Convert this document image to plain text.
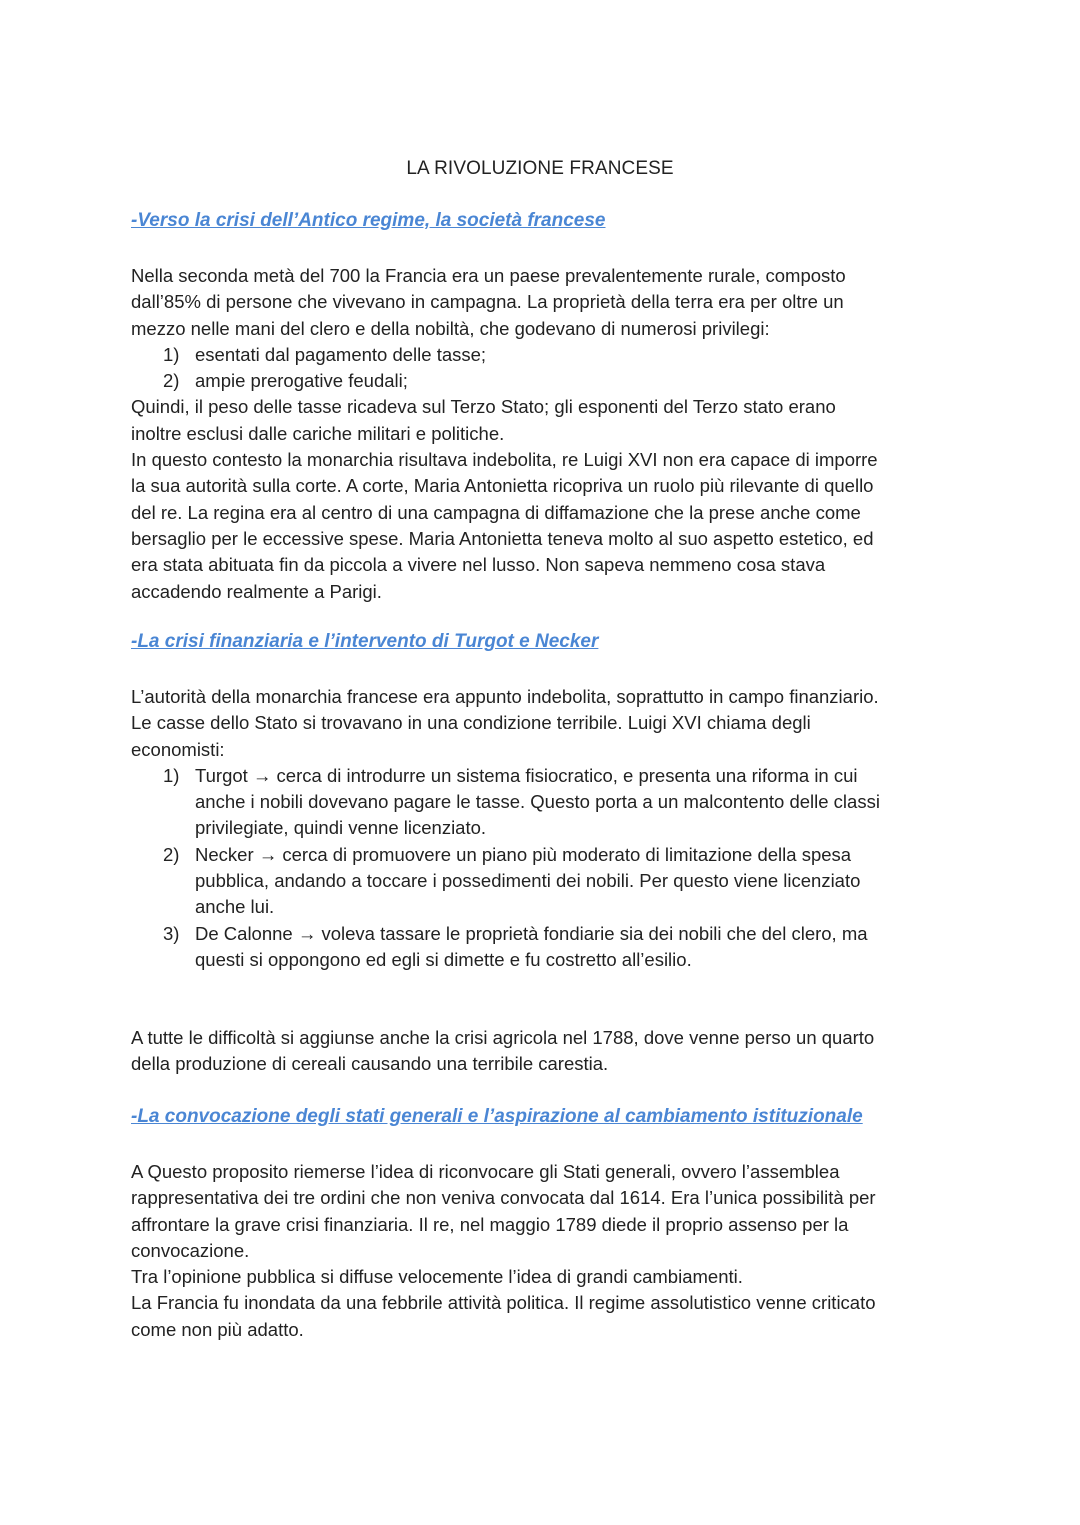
LA RIVOLUZIONE FRANCESE
-Verso la crisi dell’Antico regime, la società francese

Nella seconda metà del 700 la Francia era un paese prevalentemente rurale, composto

dall’85% di persone che vivevano in campagna. La proprietà della terra era per oltre un

mezzo nelle mani del clero e della nobiltà, che godevano di numerosi privilegi:

1) esentati dal pagamento delle tasse;
2) ampie prerogative feudali;

Quindi, il peso delle tasse ricadeva sul Terzo Stato; gli esponenti del Terzo stato erano

inoltre esclusi dalle cariche militari e politiche.

In questo contesto la monarchia risultava indebolita, re Luigi XVI non era capace di imporre

la sua autorità sulla corte. A corte, Maria Antonietta ricopriva un ruolo più rilevante di quello

del re. La regina era al centro di una campagna di diffamazione che la prese anche come

bersaglio per le eccessive spese. Maria Antonietta teneva molto al suo aspetto estetico, ed

era stata abituata fin da piccola a vivere nel lusso. Non sapeva nemmeno cosa stava

accadendo realmente a Parigi.

-La crisi finanziaria e l’intervento di Turgot e Necker

L’autorità della monarchia francese era appunto indebolita, soprattutto in campo finanziario.

Le casse dello Stato si trovavano in una condizione terribile. Luigi XVI chiama degli

economisti:

1) Turgot → cerca di introdurre un sistema fisiocratico, e presenta una riforma in cui
anche i nobili dovevano pagare le tasse. Questo porta a un malcontento delle classi
privilegiate, quindi venne licenziato.
2) Necker → cerca di promuovere un piano più moderato di limitazione della spesa
pubblica, andando a toccare i possedimenti dei nobili. Per questo viene licenziato
anche lui.
3) De Calonne → voleva tassare le proprietà fondiarie sia dei nobili che del clero, ma
questi si oppongono ed egli si dimette e fu costretto all’esilio.

A tutte le difficoltà si aggiunse anche la crisi agricola nel 1788, dove venne perso un quarto

della produzione di cereali causando una terribile carestia.

-La convocazione degli stati generali e l’aspirazione al cambiamento istituzionale

A Questo proposito riemerse l’idea di riconvocare gli Stati generali, ovvero l’assemblea

rappresentativa dei tre ordini che non veniva convocata dal 1614. Era l’unica possibilità per

affrontare la grave crisi finanziaria. Il re, nel maggio 1789 diede il proprio assenso per la

convocazione.

Tra l’opinione pubblica si diffuse velocemente l’idea di grandi cambiamenti.

La Francia fu inondata da una febbrile attività politica. Il regime assolutistico venne criticato

come non più adatto.
